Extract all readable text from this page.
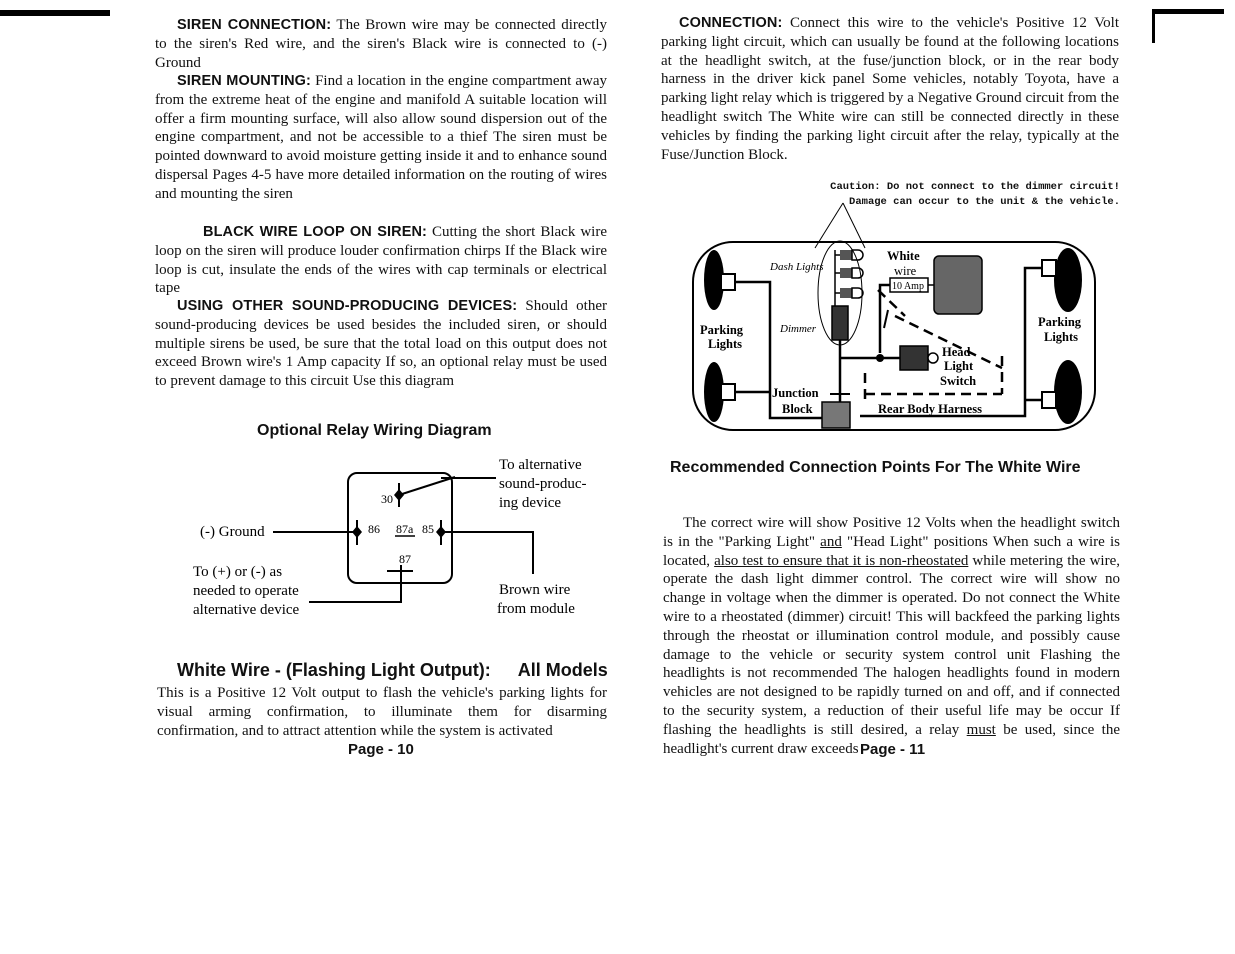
SIREN CONNECTION: The Brown wire may be connected directly to the siren's Red wire, and the siren's Black wire is connected to (-) Ground

SIREN MOUNTING: Find a location in the engine compartment away from the extreme heat of the engine and manifold A suitable location will offer a firm mounting surface, will also allow sound dispersion out of the engine compartment, and not be accessible to a thief The siren must be pointed downward to avoid moisture getting inside it and to enhance sound dispersal Pages 4-5 have more detailed information on the routing of wires and mounting the siren

BLACK WIRE LOOP ON SIREN: Cutting the short Black wire loop on the siren will produce louder confirmation chirps If the Black wire loop is cut, insulate the ends of the wires with cap terminals or electrical tape

USING OTHER SOUND-PRODUCING DEVICES: Should other sound-producing devices be used besides the included siren, or should multiple sirens be used, be sure that the total load on this output does not exceed Brown wire's 1 Amp capacity If so, an optional relay must be used to prevent damage to this circuit Use this diagram

Optional Relay Wiring Diagram
30
86 87a 85
87
(-) Ground
To alternative
sound-produc-
ing device
To (+) or (-) as
needed to operate
alternative device
Brown wire
from module
White Wire - (Flashing Light Output): All Models

This is a Positive 12 Volt output to flash the vehicle's parking lights for visual arming confirmation, to illuminate them for disarming confirmation, and to attract attention while the system is activated

Page - 10

CONNECTION: Connect this wire to the vehicle's Positive 12 Volt parking light circuit, which can usually be found at the following locations at the headlight switch, at the fuse/junction block, or in the rear body harness in the driver kick panel Some vehicles, notably Toyota, have a parking light relay which is triggered by a Negative Ground circuit from the headlight switch The White wire can still be connected directly in these vehicles by finding the parking light circuit after the relay, typically at the Fuse/Junction Block.

Caution: Do not connect to the dimmer circuit!
Damage can occur to the unit & the vehicle.
Dash Lights
White
wire
10 Amp
Parking
Lights
Parking
Lights
Dimmer
Head
Light
Switch
Junction
Block	Rear Body Harness
Recommended Connection Points For The White Wire

The correct wire will show Positive 12 Volts when the headlight switch is in the "Parking Light" and "Head Light" positions When such a wire is located, also test to ensure that it is non-rheostated while metering the wire, operate the dash light dimmer control. The correct wire will show no change in voltage when the dimmer is operated. Do not connect the White wire to a rheostated (dimmer) circuit! This will backfeed the parking lights through the rheostat or illumination control module, and possibly cause damage to the vehicle or security system control unit Flashing the headlights is not recommended The halogen headlights found in modern vehicles are not designed to be rapidly turned on and off, and if connected to the security system, a reduction of their useful life may be occur If flashing the headlights is still desired, a relay must be used, since the headlight's current draw exceeds Page - 11
